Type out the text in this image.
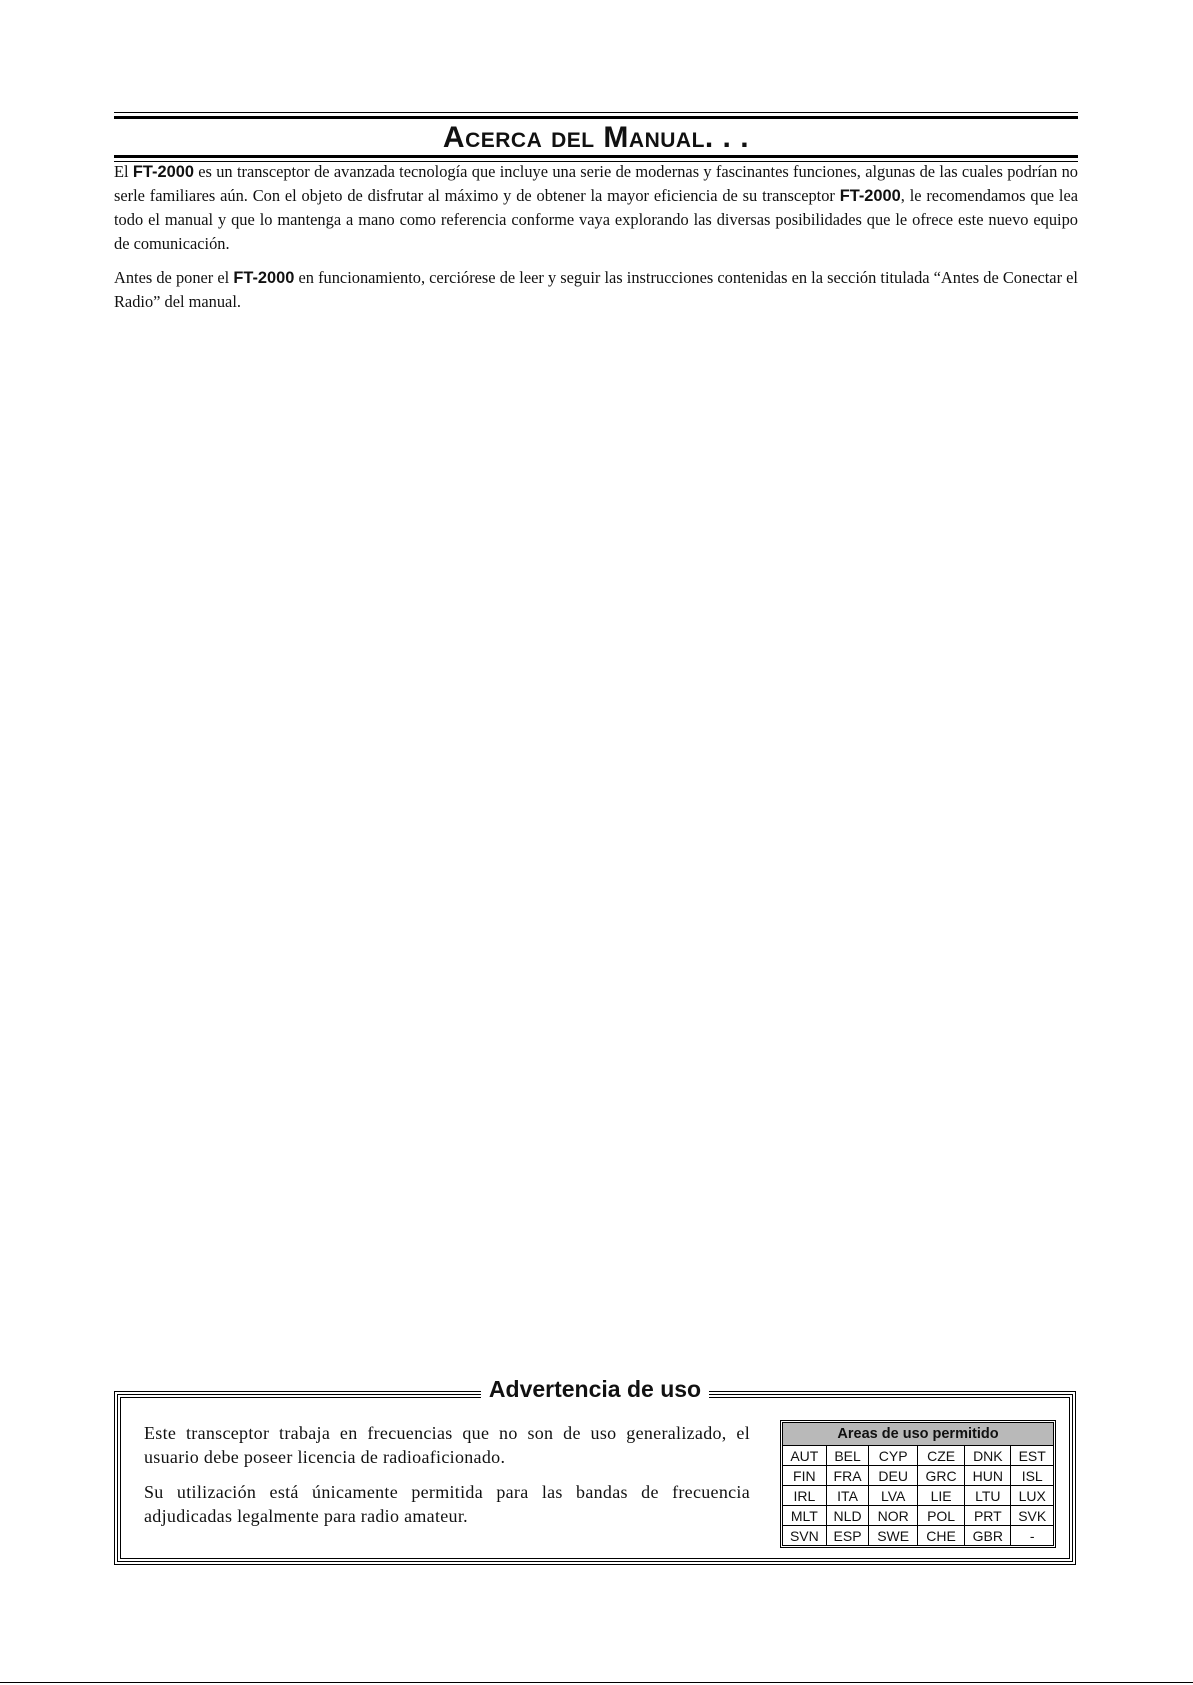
Acerca del Manual. . .

El FT-2000 es un transceptor de avanzada tecnología que incluye una serie de modernas y fascinantes funciones, algunas de las cuales podrían no serle familiares aún. Con el objeto de disfrutar al máximo y de obtener la mayor eficiencia de su transceptor FT-2000, le recomendamos que lea todo el manual y que lo mantenga a mano como referencia conforme vaya explorando las diversas posibilidades que le ofrece este nuevo equipo de comunicación.

Antes de poner el FT-2000 en funcionamiento, cerciórese de leer y seguir las instrucciones contenidas en la sección titulada “Antes de Conectar el Radio” del manual.

Advertencia de uso

Este transceptor trabaja en frecuencias que no son de uso generalizado, el usuario debe poseer licencia de radioaficionado.

Su utilización está únicamente permitida para las bandas de frecuencia adjudicadas legalmente para radio amateur.

Areas de uso permitido					
AUT	BEL	CYP	CZE	DNK	EST
FIN	FRA	DEU	GRC	HUN	ISL
IRL	ITA	LVA	LIE	LTU	LUX
MLT	NLD	NOR	POL	PRT	SVK
SVN	ESP	SWE	CHE	GBR	-
